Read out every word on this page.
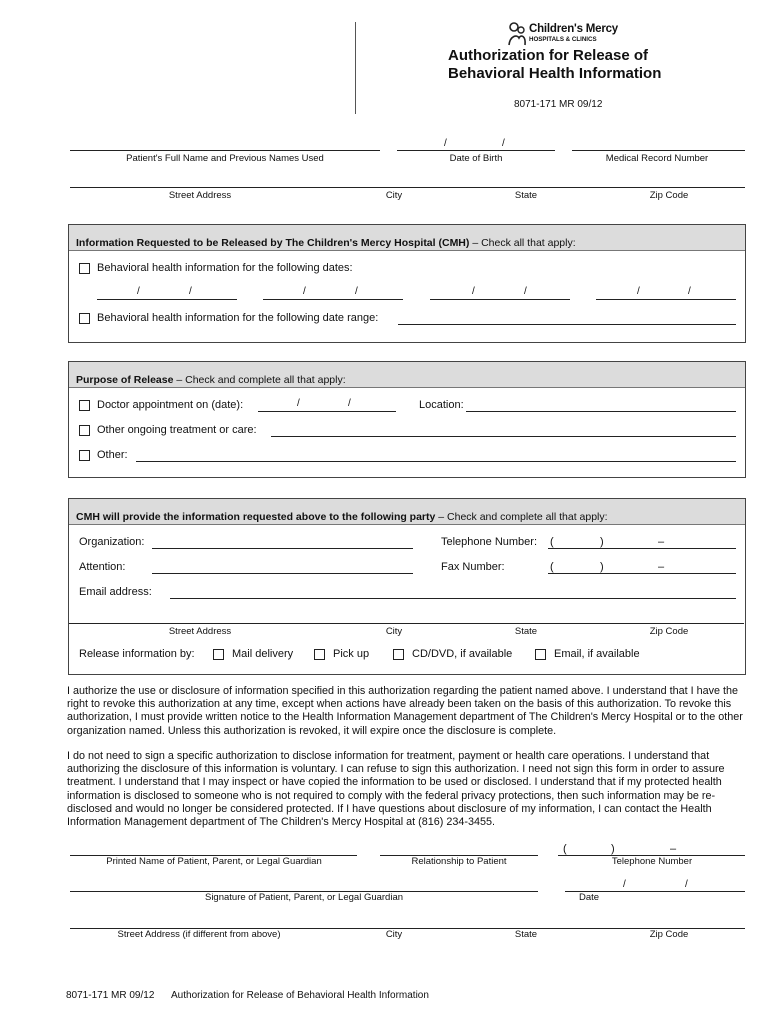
Children's Mercy
HOSPITALS & CLINICS
Authorization for Release of
Behavioral Health Information
8071-171 MR 09/12
/	/
Patient's Full Name and Previous Names Used	Date of Birth	Medical Record Number
Street Address	City	State	Zip Code
Information Requested to be Released by The Children's Mercy Hospital (CMH) – Check all that apply:
Behavioral health information for the following dates:
/	/	/	/	/	/	/	/
Behavioral health information for the following date range:
Purpose of Release – Check and complete all that apply:
Doctor appointment on (date):	/	/	Location:
Other ongoing treatment or care:
Other:
CMH will provide the information requested above to the following party – Check and complete all that apply:
Organization:	Telephone Number: (	)	–
Attention:	Fax Number:	(	)	–
Email address:
Street Address	City	State	Zip Code
Release information by:	Mail delivery	Pick up	CD/DVD, if available	Email, if available
I authorize the use or disclosure of information specified in this authorization regarding the patient named above. I understand that I have the right to revoke this authorization at any time, except when actions have already been taken on the basis of this authorization. To revoke this authorization, I must provide written notice to the Health Information Management department of The Children's Mercy Hospital or to the other organization named. Unless this authorization is revoked, it will expire once the disclosure is complete.
I do not need to sign a specific authorization to disclose information for treatment, payment or health care operations. I understand that authorizing the disclosure of this information is voluntary. I can refuse to sign this authorization. I need not sign this form in order to assure treatment. I understand that I may inspect or have copied the information to be used or disclosed. I understand that if my protected health information is disclosed to someone who is not required to comply with the federal privacy protections, then such information may be re-disclosed and would no longer be considered protected. If I have questions about disclosure of my information, I can contact the Health Information Management department of The Children's Mercy Hospital at (816) 234-3455.
(	)	–
Printed Name of Patient, Parent, or Legal Guardian	Relationship to Patient	Telephone Number
/	/
Signature of Patient, Parent, or Legal Guardian	Date
Street Address (if different from above)	City	State	Zip Code
8071-171 MR 09/12 Authorization for Release of Behavioral Health Information
